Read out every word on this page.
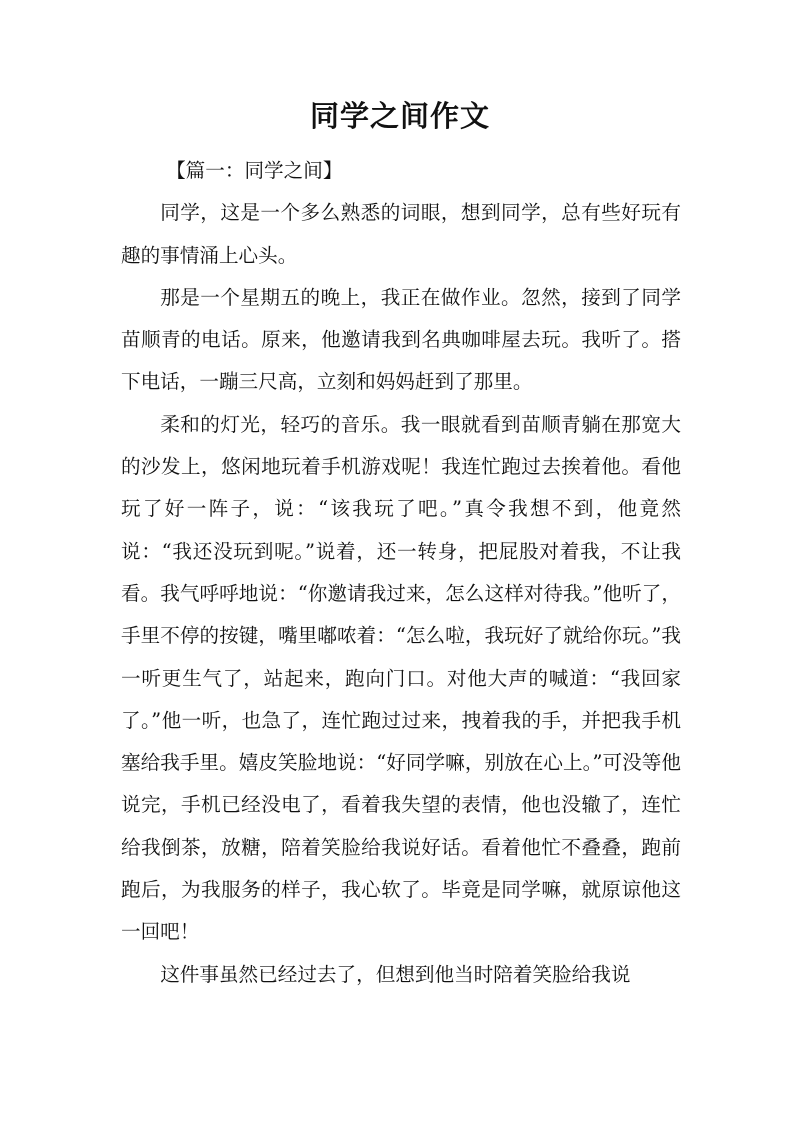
同学之间作文

【篇一：同学之间】

同学，这是一个多么熟悉的词眼，想到同学，总有些好玩有趣的事情涌上心头。

那是一个星期五的晚上，我正在做作业。忽然，接到了同学苗顺青的电话。原来，他邀请我到名典咖啡屋去玩。我听了。搭下电话，一蹦三尺高，立刻和妈妈赶到了那里。

柔和的灯光，轻巧的音乐。我一眼就看到苗顺青躺在那宽大的沙发上，悠闲地玩着手机游戏呢！我连忙跑过去挨着他。看他玩了好一阵子，说：“该我玩了吧。”真令我想不到，他竟然说：“我还没玩到呢。”说着，还一转身，把屁股对着我，不让我看。我气呼呼地说：“你邀请我过来，怎么这样对待我。”他听了，手里不停的按键，嘴里嘟哝着：“怎么啦，我玩好了就给你玩。”我一听更生气了，站起来，跑向门口。对他大声的喊道：“我回家了。”他一听，也急了，连忙跑过过来，拽着我的手，并把我手机塞给我手里。嬉皮笑脸地说：“好同学嘛，别放在心上。”可没等他说完，手机已经没电了，看着我失望的表情，他也没辙了，连忙给我倒茶，放糖，陪着笑脸给我说好话。看着他忙不叠叠，跑前跑后，为我服务的样子，我心软了。毕竟是同学嘛，就原谅他这一回吧！

这件事虽然已经过去了，但想到他当时陪着笑脸给我说
